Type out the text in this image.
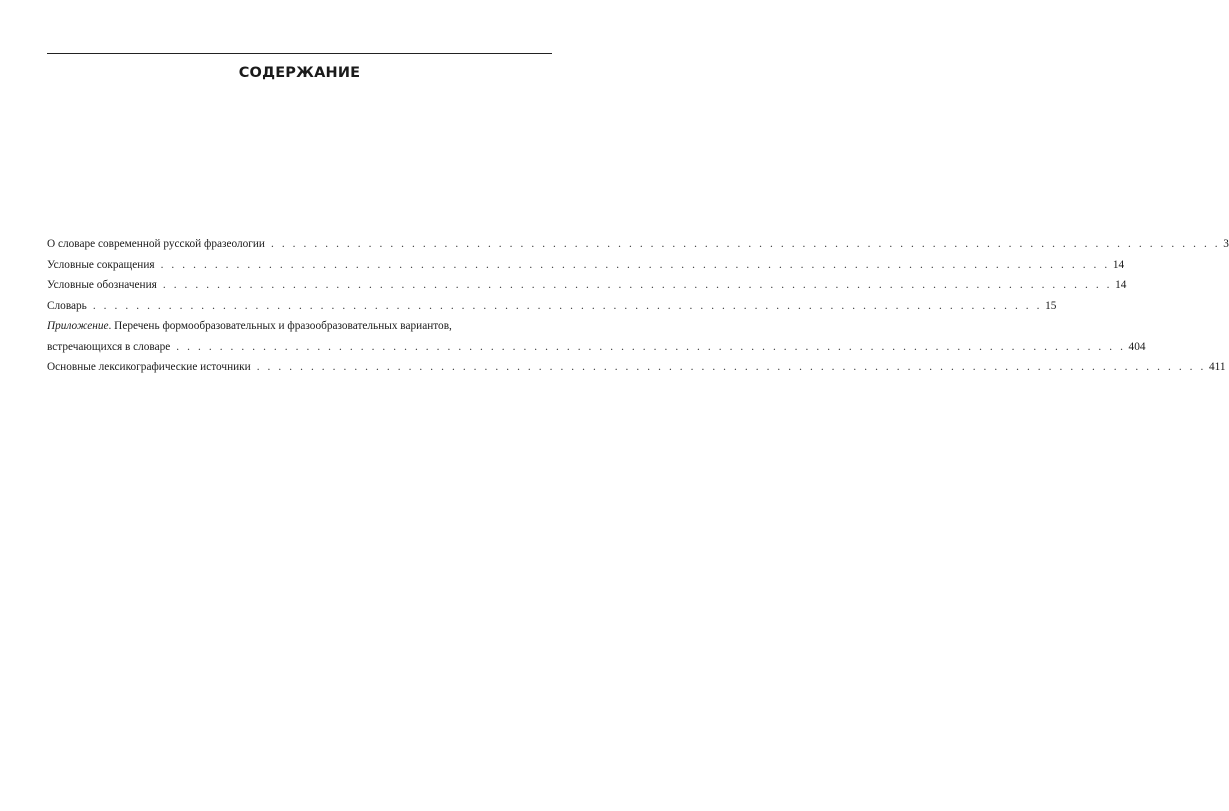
СОДЕРЖАНИЕ
О словаре современной русской фразеологии . . . . . . . . . . . . . . . . . . . . . . . . . . . . . . . . . . . . . . . . . . . . . . . . . . . . . . . . . . . . . . . . . . . . . . . . . . . . . . . . . . . . . . . . 3
Условные сокращения . . . . . . . . . . . . . . . . . . . . . . . . . . . . . . . . . . . . . . . . . . . . . . . . . . . . . . . . . . . . . . . . . . . . . . . . . . . . . . . . . . . . . . . . 14
Условные обозначения . . . . . . . . . . . . . . . . . . . . . . . . . . . . . . . . . . . . . . . . . . . . . . . . . . . . . . . . . . . . . . . . . . . . . . . . . . . . . . . . . . . . . . . . 14
Словарь . . . . . . . . . . . . . . . . . . . . . . . . . . . . . . . . . . . . . . . . . . . . . . . . . . . . . . . . . . . . . . . . . . . . . . . . . . . . . . . . . . . . . . . . 15
Приложение. Перечень формообразовательных и фразообразовательных вариантов,
встречающихся в словаре . . . . . . . . . . . . . . . . . . . . . . . . . . . . . . . . . . . . . . . . . . . . . . . . . . . . . . . . . . . . . . . . . . . . . . . . . . . . . . . . . . . . . . . . 404
Основные лексикографические источники . . . . . . . . . . . . . . . . . . . . . . . . . . . . . . . . . . . . . . . . . . . . . . . . . . . . . . . . . . . . . . . . . . . . . . . . . . . . . . . . . . . . . . . . 411
